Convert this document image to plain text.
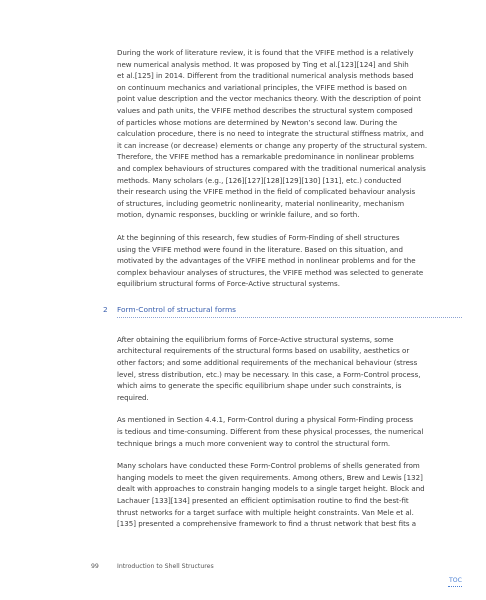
During the work of literature review, it is found that the VFIFE method is a relatively
new numerical analysis method. It was proposed by Ting et al.[123][124] and Shih
et al.[125] in 2014. Different from the traditional numerical analysis methods based
on continuum mechanics and variational principles, the VFIFE method is based on
point value description and the vector mechanics theory. With the description of point
values and path units, the VFIFE method describes the structural system composed
of particles whose motions are determined by Newton’s second law. During the
calculation procedure, there is no need to integrate the structural stiffness matrix, and
it can increase (or decrease) elements or change any property of the structural system.
Therefore, the VFIFE method has a remarkable predominance in nonlinear problems
and complex behaviours of structures compared with the traditional numerical analysis
methods. Many scholars (e.g., [126][127][128][129][130] [131], etc.) conducted
their research using the VFIFE method in the field of complicated behaviour analysis
of structures, including geometric nonlinearity, material nonlinearity, mechanism
motion, dynamic responses, buckling or wrinkle failure, and so forth.

At the beginning of this research, few studies of Form-Finding of shell structures
using the VFIFE method were found in the literature. Based on this situation, and
motivated by the advantages of the VFIFE method in nonlinear problems and for the
complex behaviour analyses of structures, the VFIFE method was selected to generate
equilibrium structural forms of Force-Active structural systems.

2 Form-Control of structural forms

After obtaining the equilibrium forms of Force-Active structural systems, some
architectural requirements of the structural forms based on usability, aesthetics or
other factors; and some additional requirements of the mechanical behaviour (stress
level, stress distribution, etc.) may be necessary. In this case, a Form-Control process,
which aims to generate the specific equilibrium shape under such constraints, is
required.

As mentioned in Section 4.4.1, Form-Control during a physical Form-Finding process
is tedious and time-consuming. Different from these physical processes, the numerical
technique brings a much more convenient way to control the structural form.

Many scholars have conducted these Form-Control problems of shells generated from
hanging models to meet the given requirements. Among others, Brew and Lewis [132]
dealt with approaches to constrain hanging models to a single target height. Block and
Lachauer [133][134] presented an efficient optimisation routine to find the best-fit
thrust networks for a target surface with multiple height constraints. Van Mele et al.
[135] presented a comprehensive framework to find a thrust network that best fits a

99	Introduction to Shell Structures
TOC
